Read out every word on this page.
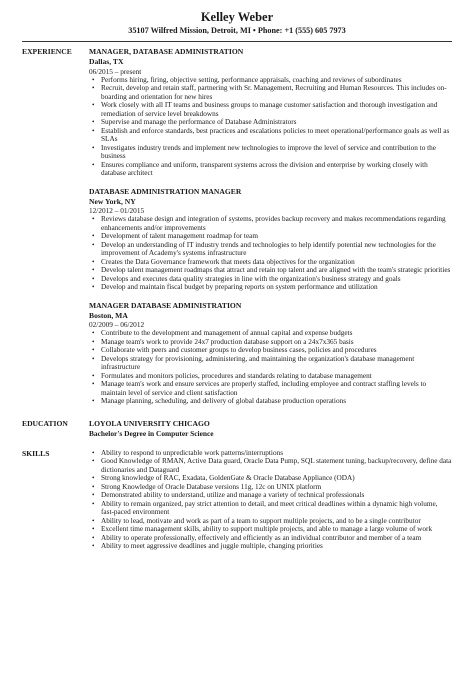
Kelley Weber
35107 Wilfred Mission, Detroit, MI • Phone: +1 (555) 605 7973
EXPERIENCE	MANAGER, DATABASE ADMINISTRATION
Dallas, TX
06/2015 – present
• Performs hiring, firing, objective setting, performance appraisals, coaching and reviews of subordinates
• Recruit, develop and retain staff, partnering with Sr. Management, Recruiting and Human Resources. This includes on-boarding and orientation for new hires
• Work closely with all IT teams and business groups to manage customer satisfaction and thorough investigation and remediation of service level breakdowns
• Supervise and manage the performance of Database Administrators
• Establish and enforce standards, best practices and escalations policies to meet operational/performance goals as well as SLAs
• Investigates industry trends and implement new technologies to improve the level of service and contribution to the business
• Ensures compliance and uniform, transparent systems across the division and enterprise by working closely with database architect
DATABASE ADMINISTRATION MANAGER
New York, NY
12/2012 – 01/2015
• Reviews database design and integration of systems, provides backup recovery and makes recommendations regarding enhancements and/or improvements
• Development of talent management roadmap for team
• Develop an understanding of IT industry trends and technologies to help identify potential new technologies for the improvement of Academy's systems infrastructure
• Creates the Data Governance framework that meets data objectives for the organization
• Develop talent management roadmaps that attract and retain top talent and are aligned with the team's strategic priorities
• Develops and executes data quality strategies in line with the organization's business strategy and goals
• Develop and maintain fiscal budget by preparing reports on system performance and utilization
MANAGER DATABASE ADMINISTRATION
Boston, MA
02/2009 – 06/2012
• Contribute to the development and management of annual capital and expense budgets
• Manage team's work to provide 24x7 production database support on a 24x7x365 basis
• Collaborate with peers and customer groups to develop business cases, policies and procedures
• Develops strategy for provisioning, administering, and maintaining the organization's database management infrastructure
• Formulates and monitors policies, procedures and standards relating to database management
• Manage team's work and ensure services are properly staffed, including employee and contract staffing levels to maintain level of service and client satisfaction
• Manage planning, scheduling, and delivery of global database production operations
EDUCATION	LOYOLA UNIVERSITY CHICAGO
Bachelor's Degree in Computer Science
SKILLS
•	Ability to respond to unpredictable work patterns/interruptions
• Good Knowledge of RMAN, Active Data guard, Oracle Data Pump, SQL statement tuning, backup/recovery, define data dictionaries and Dataguard
• Strong knowledge of RAC, Exadata, GoldenGate & Oracle Database Appliance (ODA)
• Strong Knowledge of Oracle Database versions 11g, 12c on UNIX platform
• Demonstrated ability to understand, utilize and manage a variety of technical professionals
• Ability to remain organized, pay strict attention to detail, and meet critical deadlines within a dynamic high volume, fast-paced environment
• Ability to lead, motivate and work as part of a team to support multiple projects, and to be a single contributor
• Excellent time management skills, ability to support multiple projects, and able to manage a large volume of work
• Ability to operate professionally, effectively and efficiently as an individual contributor and member of a team
• Ability to meet aggressive deadlines and juggle multiple, changing priorities
